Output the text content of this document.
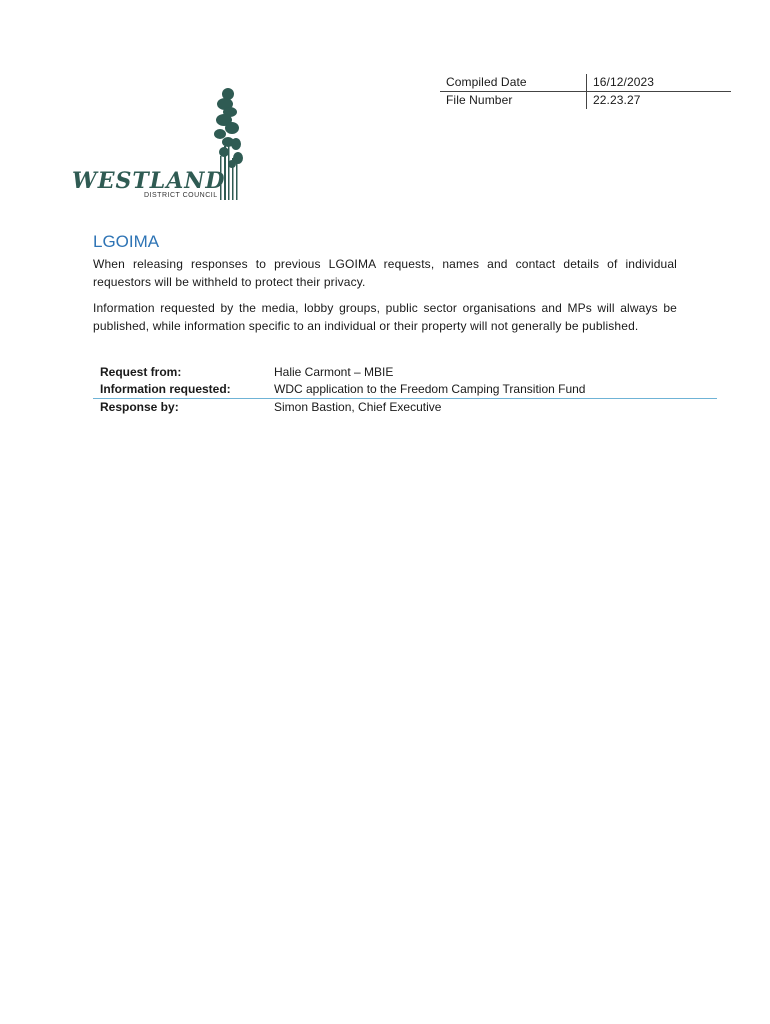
Compiled Date	16/12/2023
File Number	22.23.27
WESTLAND
DISTRICT COUNCIL
LGOIMA
When releasing responses to previous LGOIMA requests, names and contact details of individual requestors will be withheld to protect their privacy.
Information requested by the media, lobby groups, public sector organisations and MPs will always be published, while information specific to an individual or their property will not generally be published.
Request from:	Halie Carmont – MBIE
Information requested:	WDC application to the Freedom Camping Transition Fund
Response by:	Simon Bastion, Chief Executive
